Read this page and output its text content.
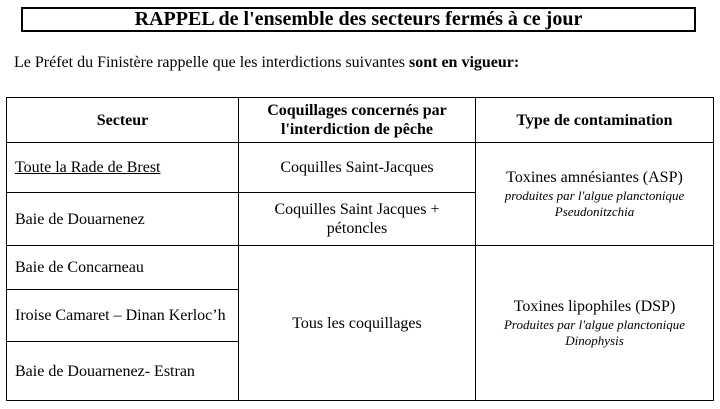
RAPPEL de l'ensemble des secteurs fermés à ce jour
Le Préfet du Finistère rappelle que les interdictions suivantes sont en vigueur:
Secteur	Coquillages concernés par l'interdiction de pêche	Type de contamination
Toute la Rade de Brest	Coquilles Saint-Jacques	Toxines amnésiantes (ASP)
produites par l'algue planctonique Pseudonitzchia

Baie de Douarnenez	Coquilles Saint Jacques + pétoncles	
Baie de Concarneau	Tous les coquillages	Toxines lipophiles (DSP)
Produites par l'algue planctonique Dinophysis

Iroise Camaret – Dinan Kerloc’h		
Baie de Douarnenez- Estran		
